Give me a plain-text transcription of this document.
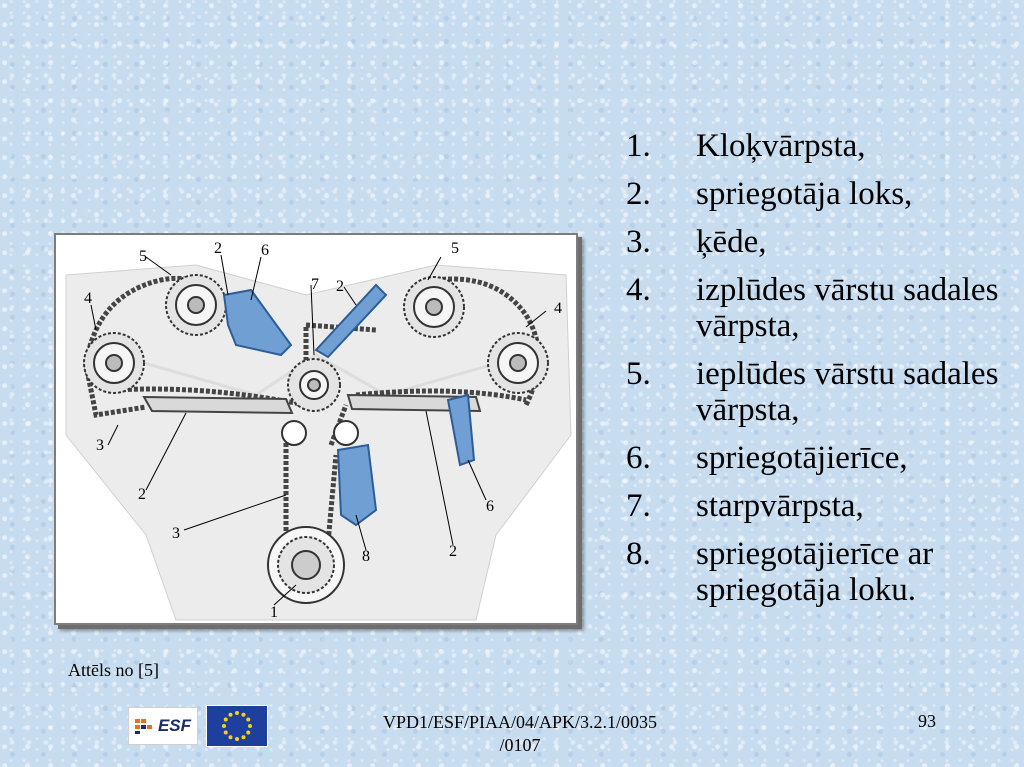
5	2 6
7 2
5
4
4
3
2
3
1
8	2
6
1.	Kloķvārpsta,
2.	spriegotāja loks,
3.	ķēde,
4.	izplūdes vārstu sadales vārpsta,
5.	ieplūdes vārstu sadales vārpsta,
6.	spriegotājierīce,
7.	starpvārpsta,
8.	spriegotājierīce ar spriegotāja loku.
Attēls no [5]
ESF	VPD1/ESF/PIAA/04/APK/3.2.1/0035
/0107
93
